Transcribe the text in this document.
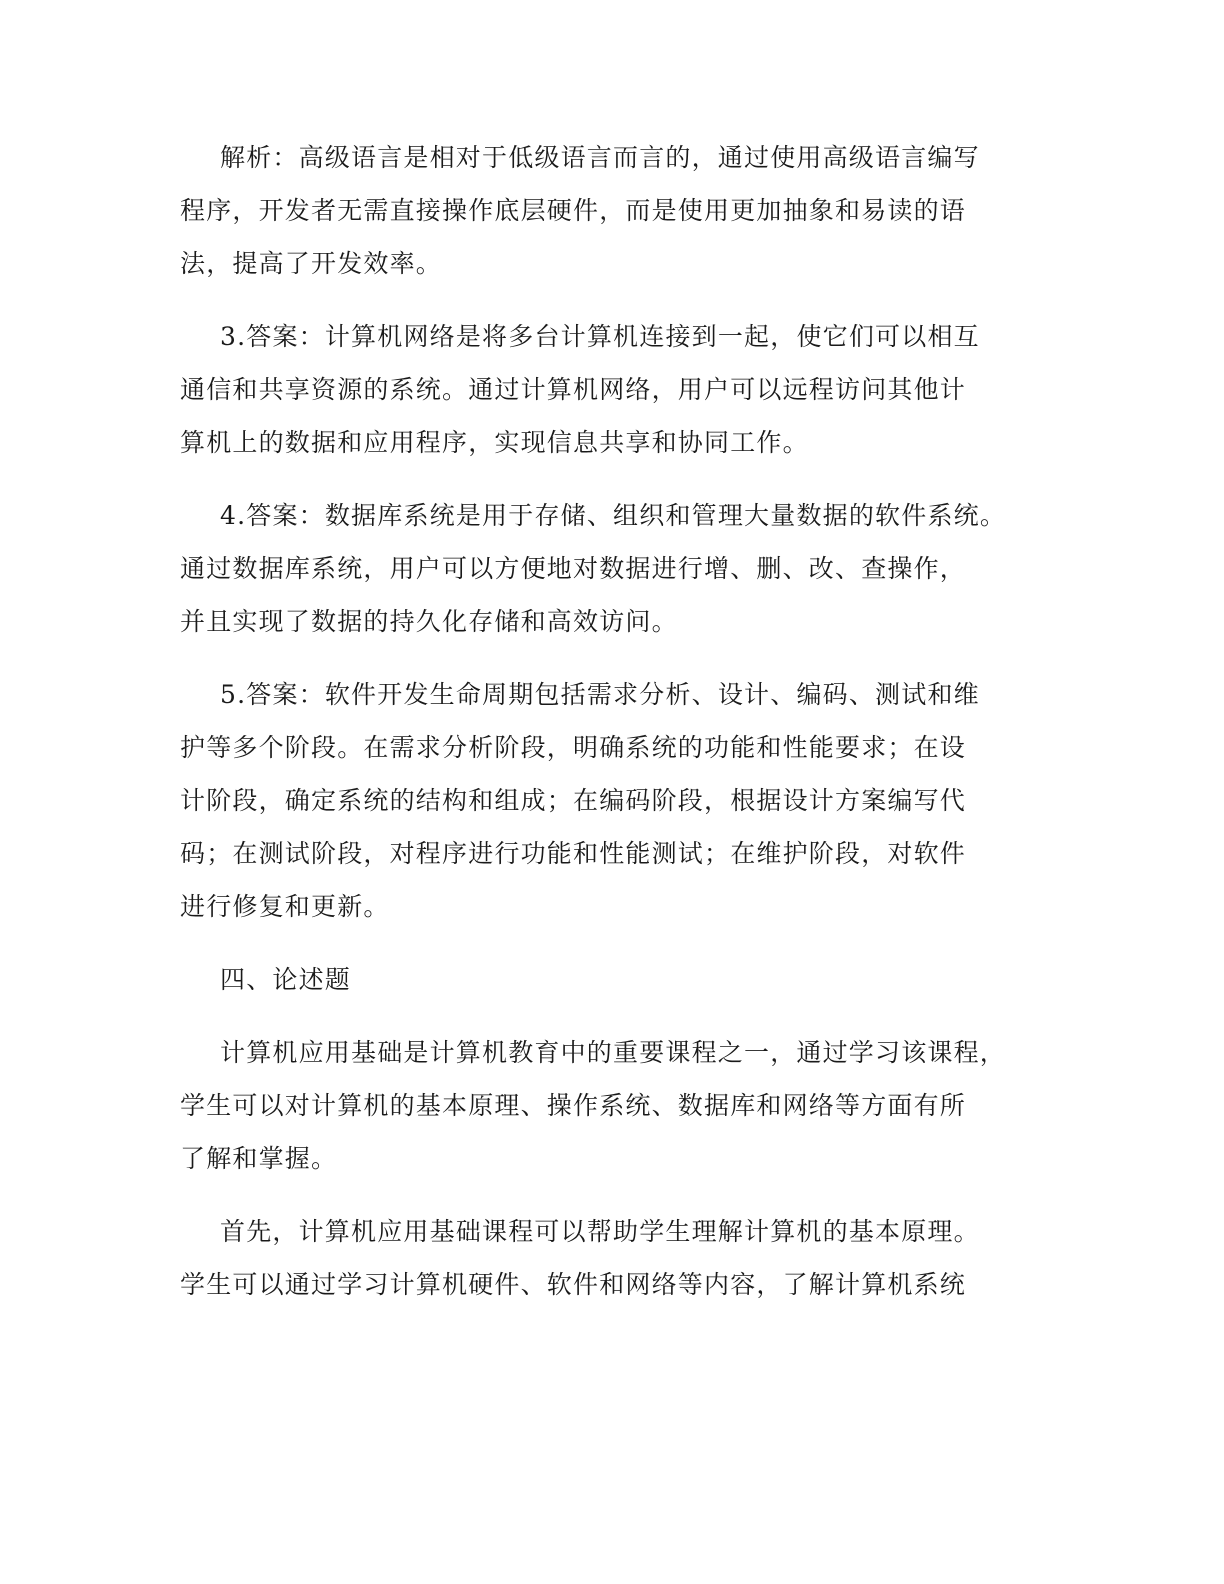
解析：高级语言是相对于低级语言而言的，通过使用高级语言编写
程序，开发者无需直接操作底层硬件，而是使用更加抽象和易读的语
法，提高了开发效率。
3.答案：计算机网络是将多台计算机连接到一起，使它们可以相互
通信和共享资源的系统。通过计算机网络，用户可以远程访问其他计
算机上的数据和应用程序，实现信息共享和协同工作。
4.答案：数据库系统是用于存储、组织和管理大量数据的软件系统。
通过数据库系统，用户可以方便地对数据进行增、删、改、查操作，
并且实现了数据的持久化存储和高效访问。
5.答案：软件开发生命周期包括需求分析、设计、编码、测试和维
护等多个阶段。在需求分析阶段，明确系统的功能和性能要求；在设
计阶段，确定系统的结构和组成；在编码阶段，根据设计方案编写代
码；在测试阶段，对程序进行功能和性能测试；在维护阶段，对软件
进行修复和更新。
四、论述题
计算机应用基础是计算机教育中的重要课程之一，通过学习该课程，
学生可以对计算机的基本原理、操作系统、数据库和网络等方面有所
了解和掌握。
首先，计算机应用基础课程可以帮助学生理解计算机的基本原理。
学生可以通过学习计算机硬件、软件和网络等内容，了解计算机系统
